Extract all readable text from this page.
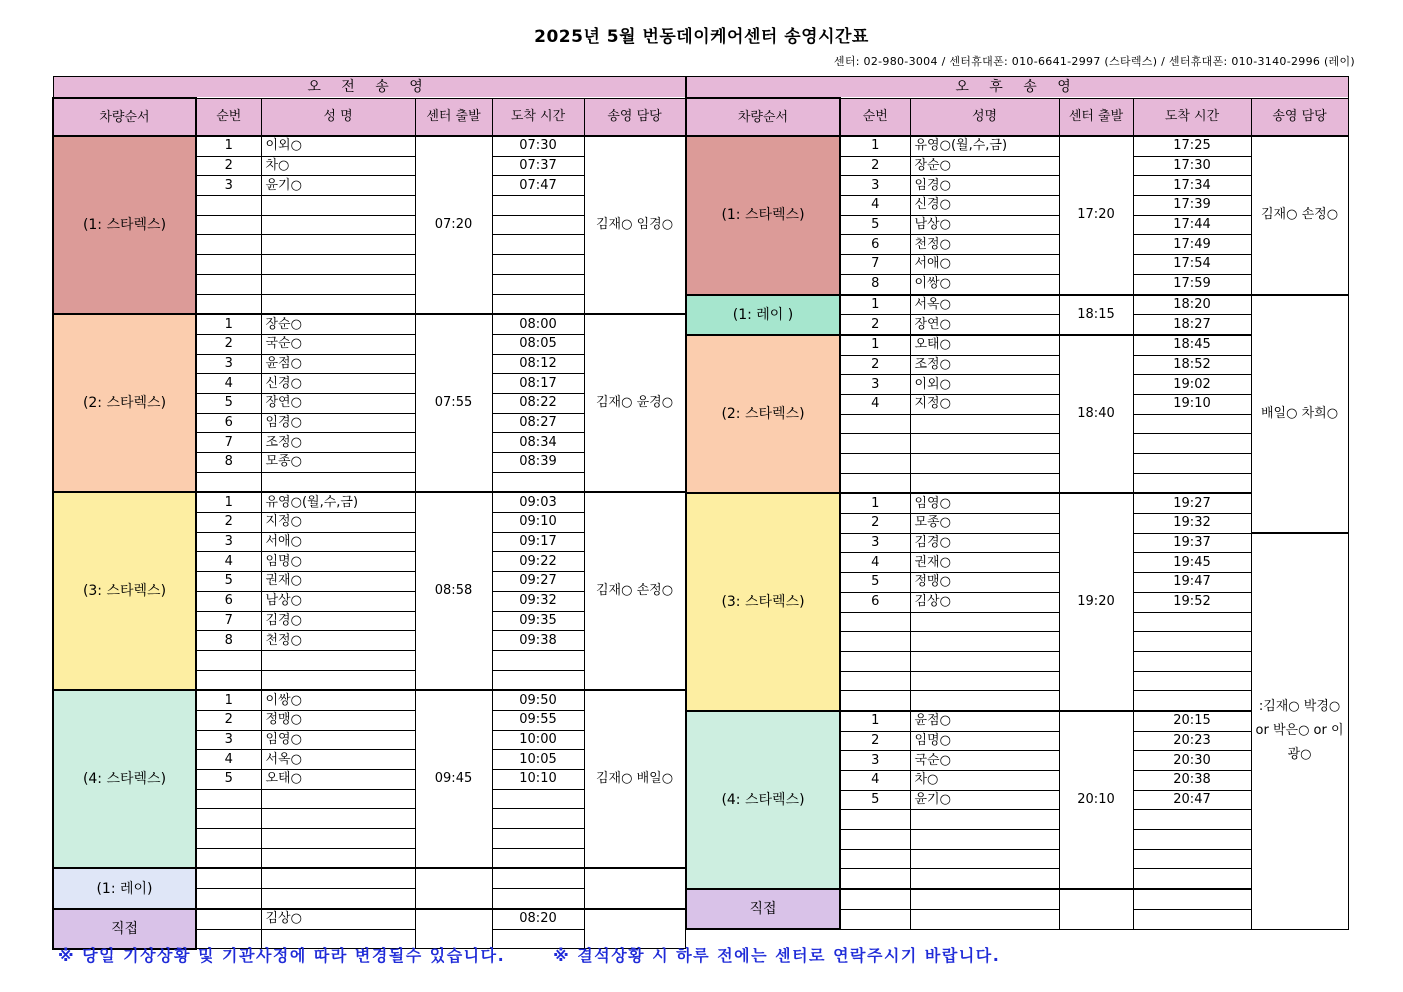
2025년 5월 번동데이케어센터 송영시간표
센터: 02-980-3004 / 센터휴대폰: 010-6641-2997 (스타렉스) / 센터휴대폰: 010-3140-2996 (레이)
오 전 송 영					
차량순서	순번	성 명	센터 출발	도착 시간	송영 담당
(1: 스타렉스)	1	이외○	07:20	07:30	김재○ 임경○
	2	차○		07:37	
	3	윤기○		07:47	

(2: 스타렉스)	1	장순○	07:55	08:00	김재○ 윤경○
	2	국순○		08:05	
	3	윤점○		08:12	
	4	신경○		08:17	
	5	장연○		08:22	
	6	임경○		08:27	
	7	조정○		08:34	
	8	모종○		08:39	

(3: 스타렉스)	1	유영○(월,수,금)	08:58	09:03	김재○ 손정○
	2	지정○		09:10	
	3	서애○		09:17	
	4	임명○		09:22	
	5	권재○		09:27	
	6	남상○		09:32	
	7	김경○		09:35	
	8	천정○		09:38	

(4: 스타렉스)	1	이쌍○	09:45	09:50	김재○ 배일○
	2	정맹○		09:55	
	3	임영○		10:00	
	4	서옥○		10:05	
	5	오태○		10:10	

(1: 레이)					

직접		김상○		08:20	

오 후 송 영					
차량순서	순번	성명	센터 출발	도착 시간	송영 담당
(1: 스타렉스)	1	유영○(월,수,금)	17:20	17:25	김재○ 손정○
	2	장순○		17:30	
	3	임경○		17:34	
	4	신경○		17:39	
	5	남상○		17:44	
	6	천정○		17:49	
	7	서애○		17:54	
	8	이쌍○		17:59	
(1: 레이 )	1	서옥○	18:15	18:20	배일○ 차희○
	2	장연○		18:27	
(2: 스타렉스)	1	오태○	18:40	18:45	
	2	조정○		18:52	
	3	이외○		19:02	
	4	지정○		19:10	

(3: 스타렉스)	1	임영○	19:20	19:27	
	2	모종○		19:32	
	3	김경○		19:37	:김재○ 박경○ or 박은○ or 이광○
	4	권재○		19:45	
	5	정맹○		19:47	
	6	김상○		19:52	

(4: 스타렉스)	1	윤점○	20:10	20:15	
	2	임명○		20:23	
	3	국순○		20:30	
	4	차○		20:38	
	5	윤기○		20:47	

직접					

※ 당일 기상상황 및 기관사정에 따라 변경될수 있습니다.	※ 결석상황 시 하루 전에는 센터로 연락주시기 바랍니다.
